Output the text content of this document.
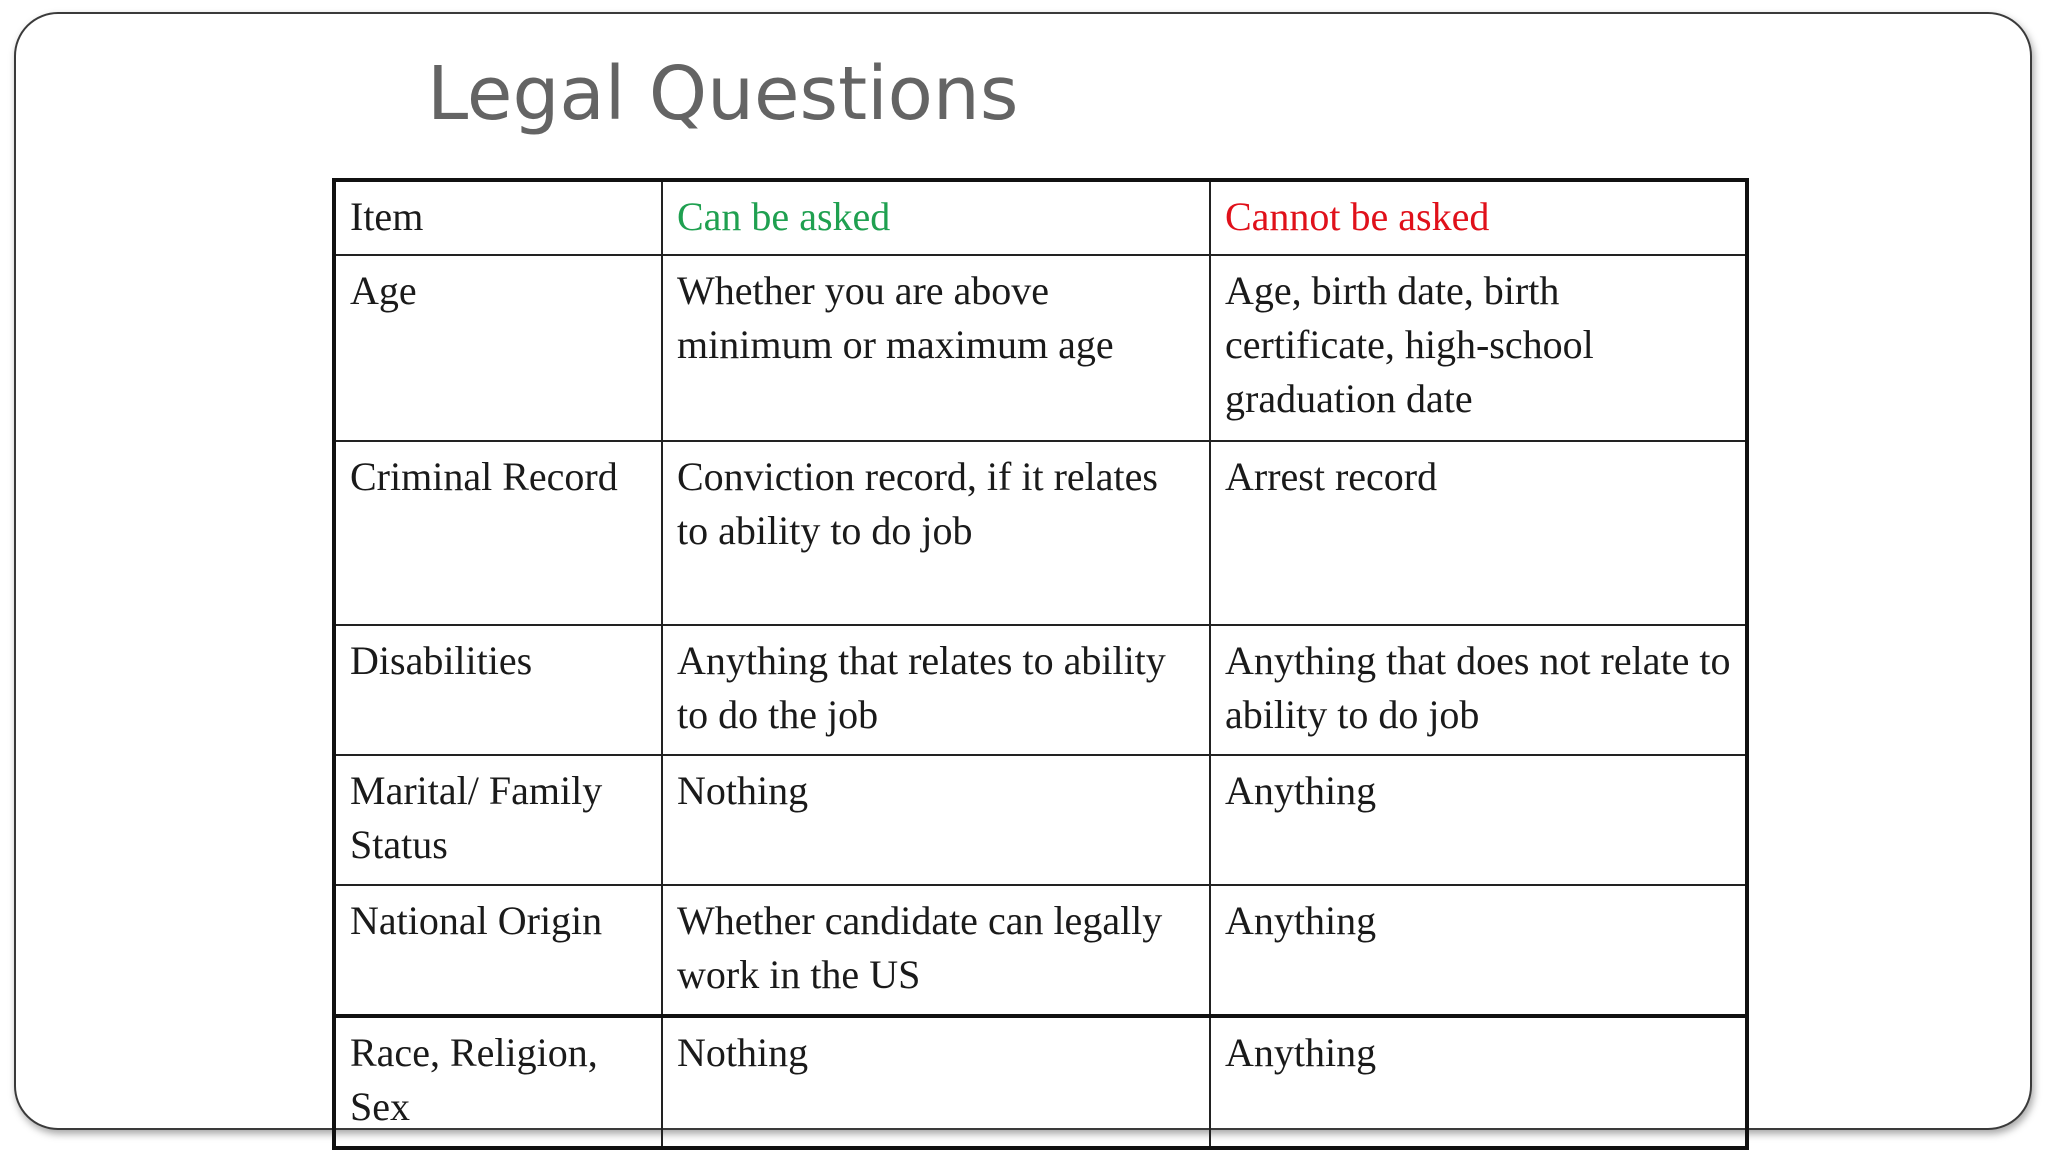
Legal Questions
Item	Can be asked	Cannot be asked
Age	Whether you are above minimum or maximum age	Age, birth date, birth certificate, high-school graduation date
Criminal Record	Conviction record, if it relates to ability to do job	Arrest record
Disabilities	Anything that relates to ability to do the job	Anything that does not relate to ability to do job
Marital/ Family Status	Nothing	Anything
National Origin	Whether candidate can legally work in the US	Anything
Race, Religion, Sex	Nothing	Anything
